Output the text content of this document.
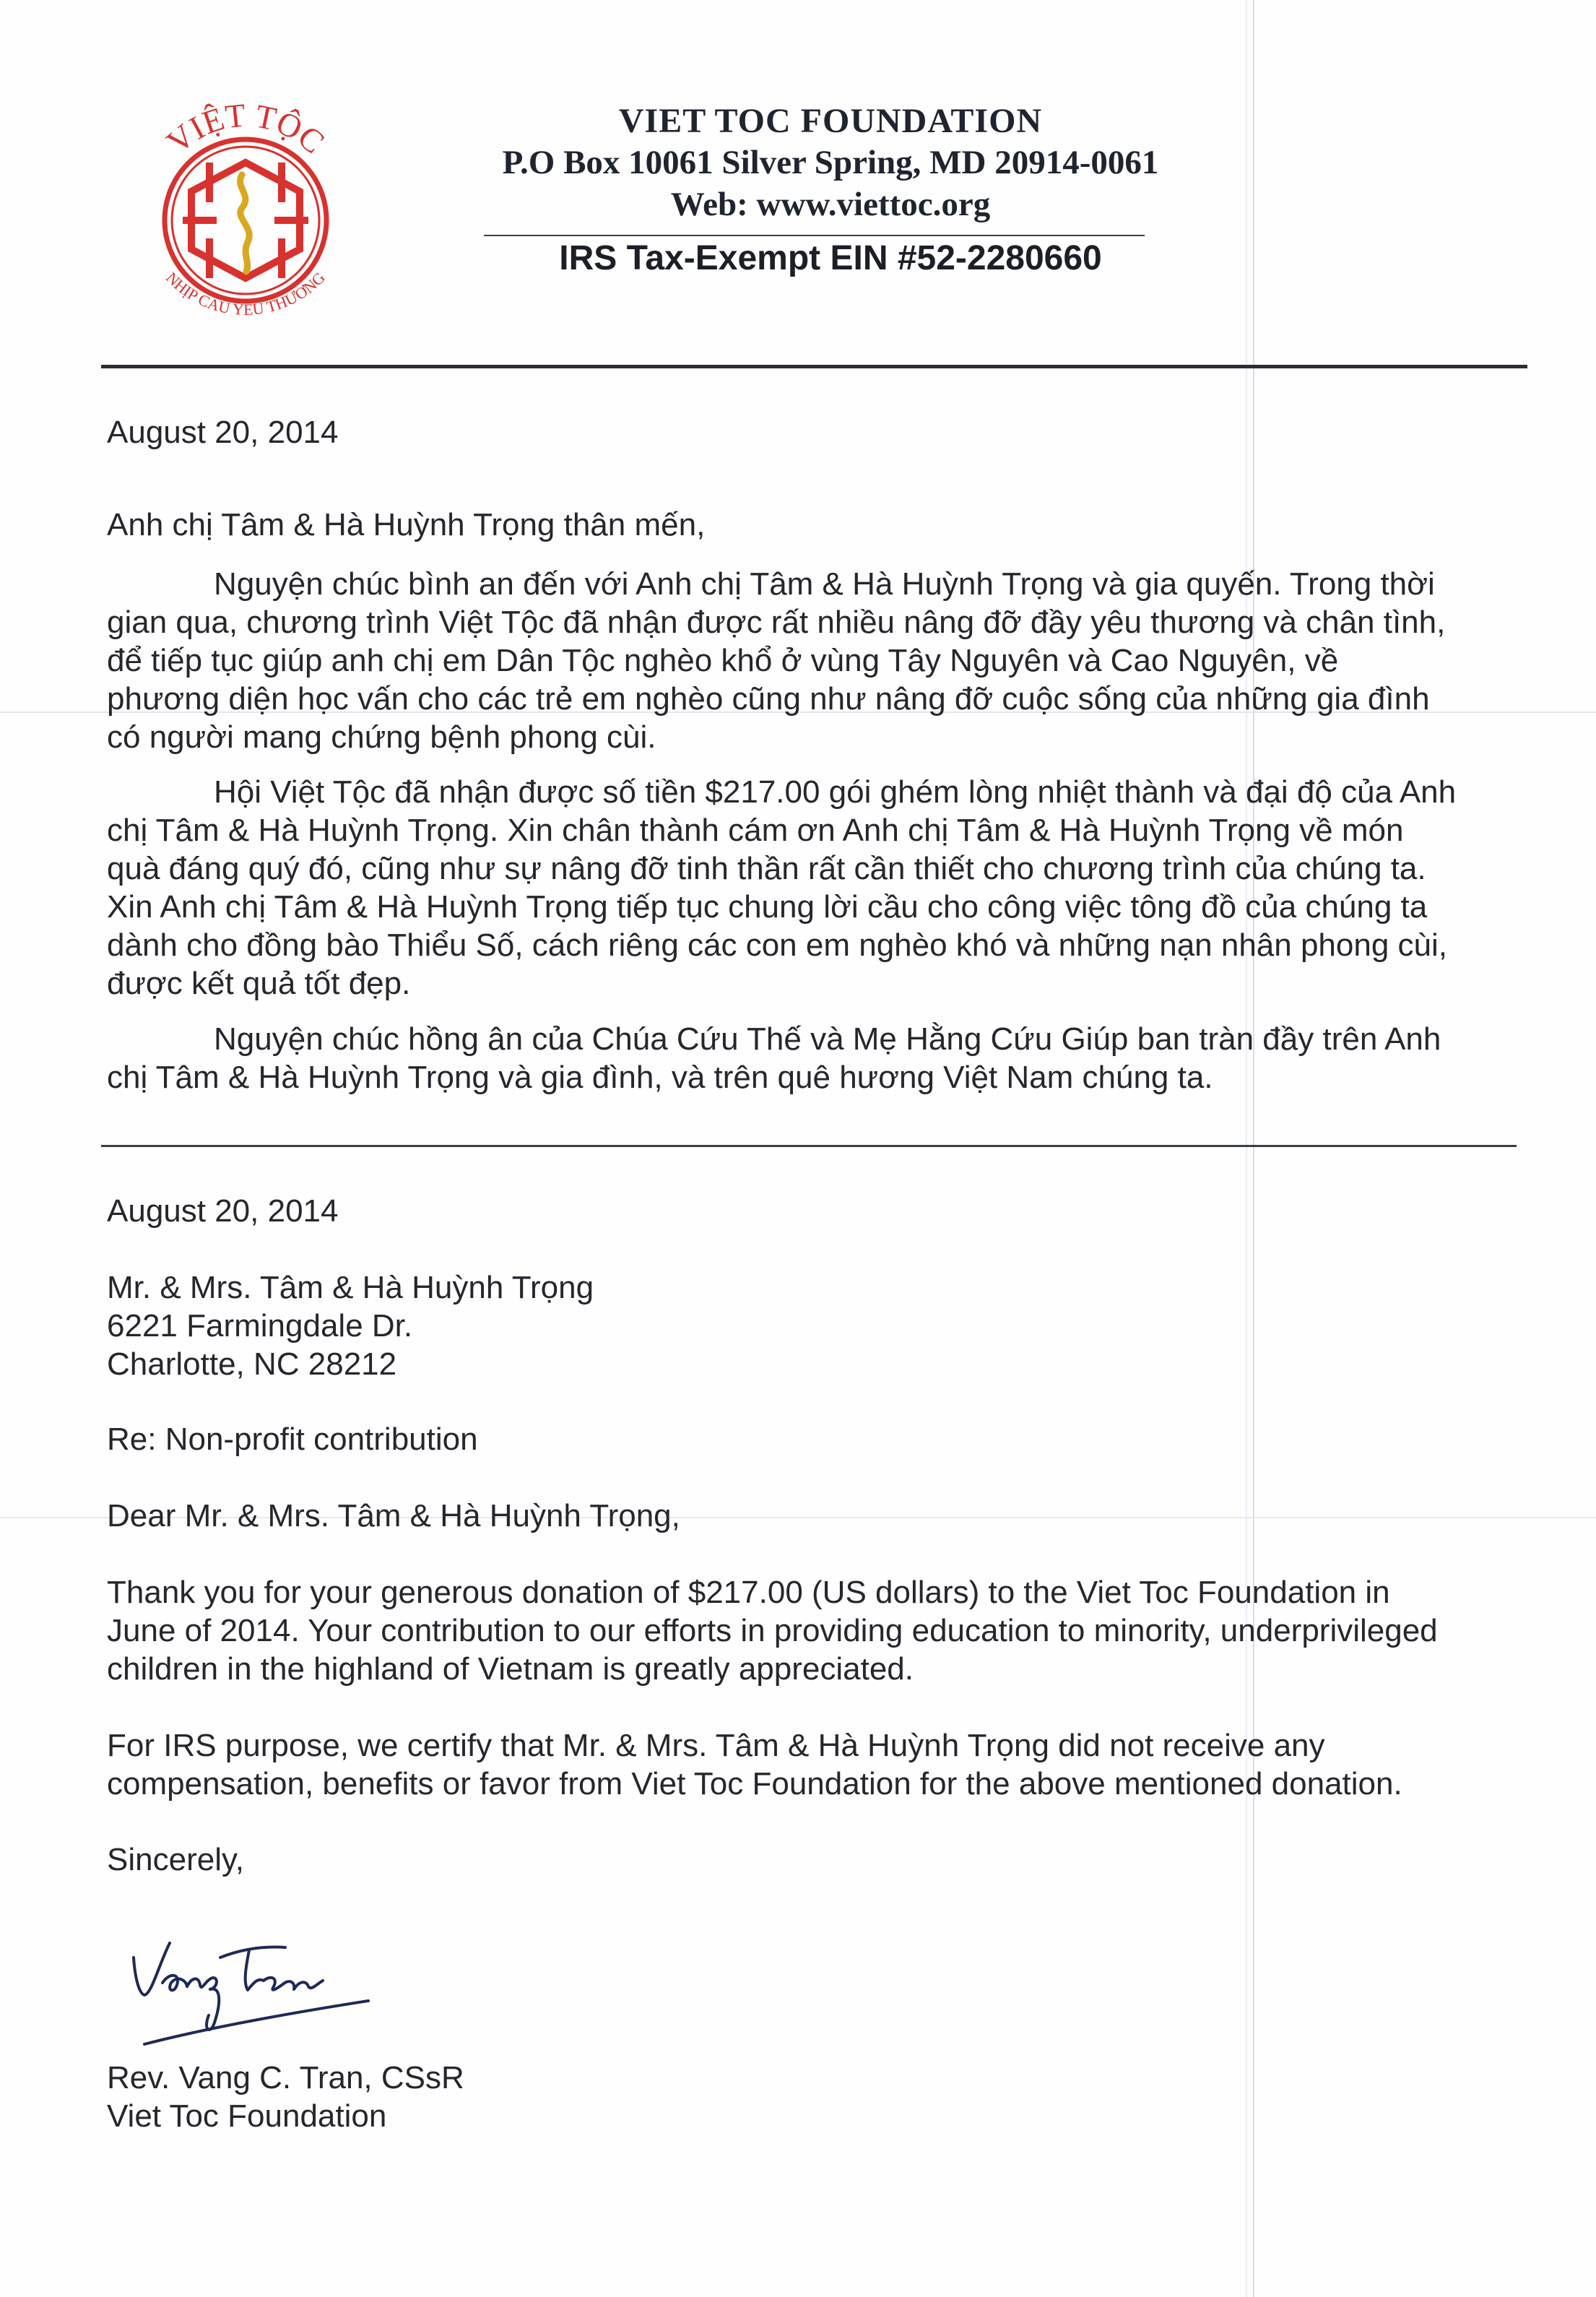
VIỆT TỘC
NHỊP CẦU YÊU THƯƠNG
VIET TOC FOUNDATION
P.O Box 10061 Silver Spring, MD 20914-0061
Web: www.viettoc.org
IRS Tax-Exempt EIN #52-2280660
August 20, 2014
Anh chị Tâm & Hà Huỳnh Trọng thân mến,
Nguyện chúc bình an đến với Anh chị Tâm & Hà Huỳnh Trọng và gia quyến. Trong thời
gian qua, chương trình Việt Tộc đã nhận được rất nhiều nâng đỡ đầy yêu thương và chân tình,
để tiếp tục giúp anh chị em Dân Tộc nghèo khổ ở vùng Tây Nguyên và Cao Nguyên, về
phương diện học vấn cho các trẻ em nghèo cũng như nâng đỡ cuộc sống của những gia đình
có người mang chứng bệnh phong cùi.
Hội Việt Tộc đã nhận được số tiền $217.00 gói ghém lòng nhiệt thành và đại độ của Anh
chị Tâm & Hà Huỳnh Trọng. Xin chân thành cám ơn Anh chị Tâm & Hà Huỳnh Trọng về món
quà đáng quý đó, cũng như sự nâng đỡ tinh thần rất cần thiết cho chương trình của chúng ta.
Xin Anh chị Tâm & Hà Huỳnh Trọng tiếp tục chung lời cầu cho công việc tông đồ của chúng ta
dành cho đồng bào Thiểu Số, cách riêng các con em nghèo khó và những nạn nhân phong cùi,
được kết quả tốt đẹp.
Nguyện chúc hồng ân của Chúa Cứu Thế và Mẹ Hằng Cứu Giúp ban tràn đầy trên Anh
chị Tâm & Hà Huỳnh Trọng và gia đình, và trên quê hương Việt Nam chúng ta.
August 20, 2014
Mr. & Mrs. Tâm & Hà Huỳnh Trọng
6221 Farmingdale Dr.
Charlotte, NC 28212
Re: Non-profit contribution
Dear Mr. & Mrs. Tâm & Hà Huỳnh Trọng,
Thank you for your generous donation of $217.00 (US dollars) to the Viet Toc Foundation in
June of 2014. Your contribution to our efforts in providing education to minority, underprivileged
children in the highland of Vietnam is greatly appreciated.
For IRS purpose, we certify that Mr. & Mrs. Tâm & Hà Huỳnh Trọng did not receive any
compensation, benefits or favor from Viet Toc Foundation for the above mentioned donation.
Sincerely,
Rev. Vang C. Tran, CSsR
Viet Toc Foundation
